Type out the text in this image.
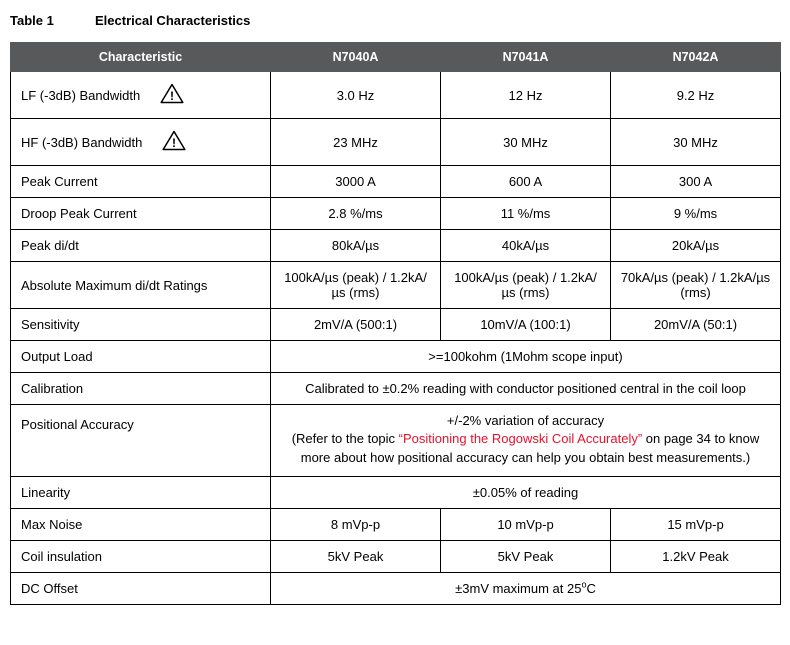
Table 1	Electrical Characteristics
Characteristic	N7040A	N7041A	N7042A

LF (-3dB) Bandwidth !	3.0 Hz	12 Hz	9.2 Hz

HF (-3dB) Bandwidth !	23 MHz	30 MHz	30 MHz
Peak Current	3000 A	600 A	300 A
Droop Peak Current	2.8 %/ms	11 %/ms	9 %/ms
Peak di/dt	80kA/µs	40kA/µs	20kA/µs
Absolute Maximum di/dt Ratings	100kA/µs (peak) / 1.2kA/µs (rms)	100kA/µs (peak) / 1.2kA/µs (rms)	70kA/µs (peak) / 1.2kA/µs (rms)
Sensitivity	2mV/A (500:1)	10mV/A (100:1)	20mV/A (50:1)
Output Load	>=100kohm (1Mohm scope input)		
Calibration	Calibrated to ±0.2% reading with conductor positioned central in the coil loop		
Positional Accuracy	+/-2% variation of accuracy

(Refer to the topic “Positioning the Rogowski Coil Accurately” on page 34 to know more about how positional accuracy can help you obtain best measurements.)		

Linearity	±0.05% of reading		
Max Noise	8 mVp-p	10 mVp-p	15 mVp-p
Coil insulation	5kV Peak	5kV Peak	1.2kV Peak
DC Offset	±3mV maximum at 25$^o$C		
